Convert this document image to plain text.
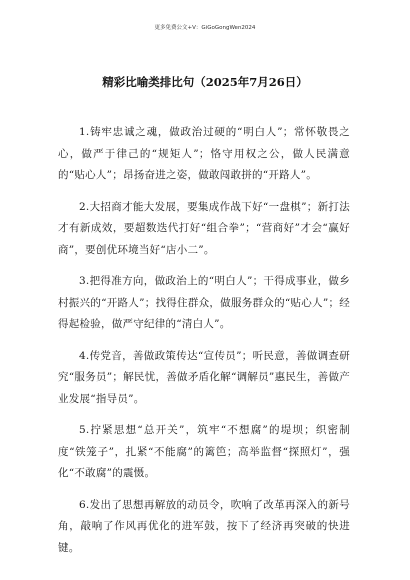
更多免费公文+V：GiGoGongWen2024
精彩比喻类排比句（2025年7月26日）

1.铸牢忠诚之魂，做政治过硬的“明白人”；常怀敬畏之心，做严于律己的“规矩人”；恪守用权之公，做人民满意的“贴心人”；昂扬奋进之姿，做敢闯敢拼的“开路人”。

2.大招商才能大发展，要集成作战下好“一盘棋”；新打法才有新成效，要超数迭代打好“组合拳”；“营商好”才会“赢好商”，要创优环境当好“店小二”。

3.把得准方向，做政治上的“明白人”；干得成事业，做乡村振兴的“开路人”；找得住群众，做服务群众的“贴心人”；经得起检验，做严守纪律的“清白人”。

4.传党音，善做政策传达“宣传员”；听民意，善做调查研究“服务员”；解民忧，善做矛盾化解“调解员”惠民生，善做产业发展“指导员”。

5.拧紧思想“总开关”，筑牢“不想腐”的堤坝；织密制度“铁笼子”，扎紧“不能腐”的篱笆；高举监督“探照灯”，强化“不敢腐”的震慑。

6.发出了思想再解放的动员令，吹响了改革再深入的新号角，敲响了作风再优化的进军鼓，按下了经济再突破的快进键。
